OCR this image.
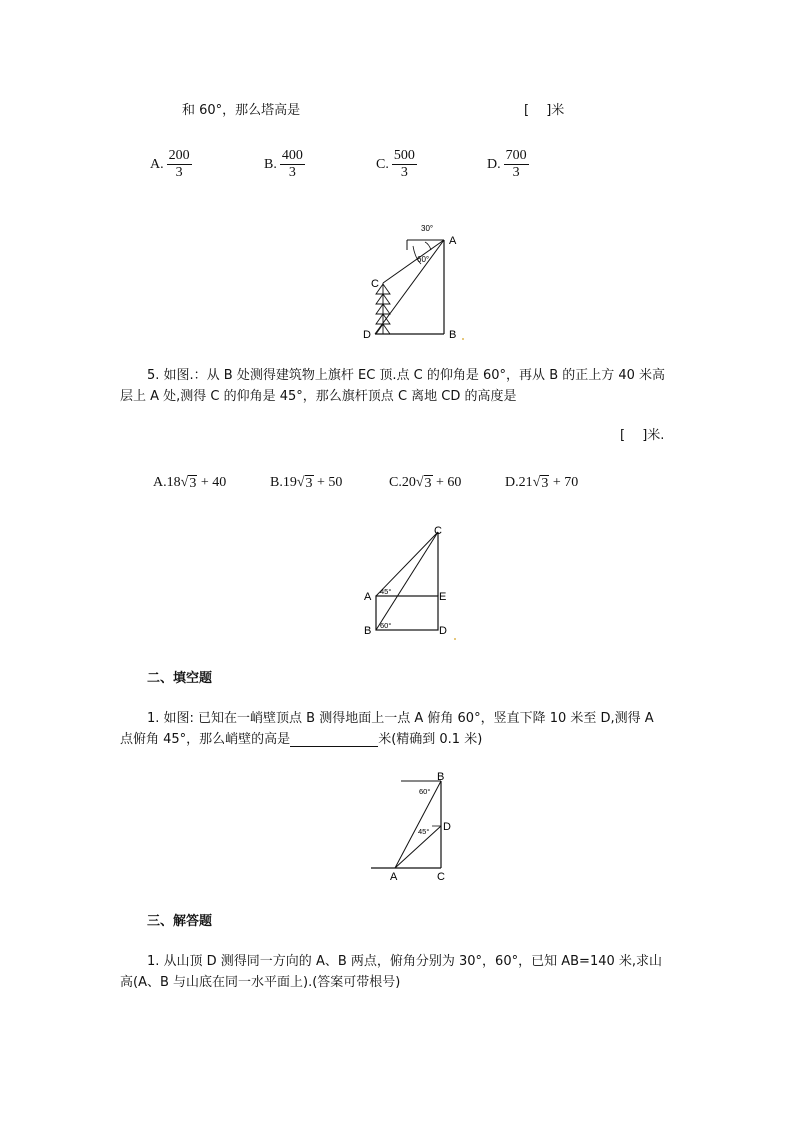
和 60°，那么塔高是	[　 ]米
A. $\frac{200}{3}$	B. $\frac{400}{3}$	C. $\frac{500}{3}$	D. $\frac{700}{3}$
30°
60°
A
B
C
D
5. 如图.：从 B 处测得建筑物上旗杆 EC 顶.点 C 的仰角是 60°，再从 B 的正上方 40 米高
层上 A 处,测得 C 的仰角是 45°，那么旗杆顶点 C 离地 CD 的高度是
[　 ]米.
A. 18 √ 3
+ 40	B. 19 √ 3
+ 50	C. 20 √ 3
+ 60	D. 21 √ 3
+ 70
C
A	E
B	D
45°
60°
二、填空题
1. 如图: 已知在一峭壁顶点 B 测得地面上一点 A 俯角 60°，竖直下降 10 米至 D,测得 A
点俯角 45°，那么峭壁的高是	米(精确到 0.1 米)
B
D
A	C
60°
45°
三、解答题
1. 从山顶 D 测得同一方向的 A、B 两点，俯角分别为 30°，60°，已知 AB=140 米,求山
高(A、B 与山底在同一水平面上).(答案可带根号)
